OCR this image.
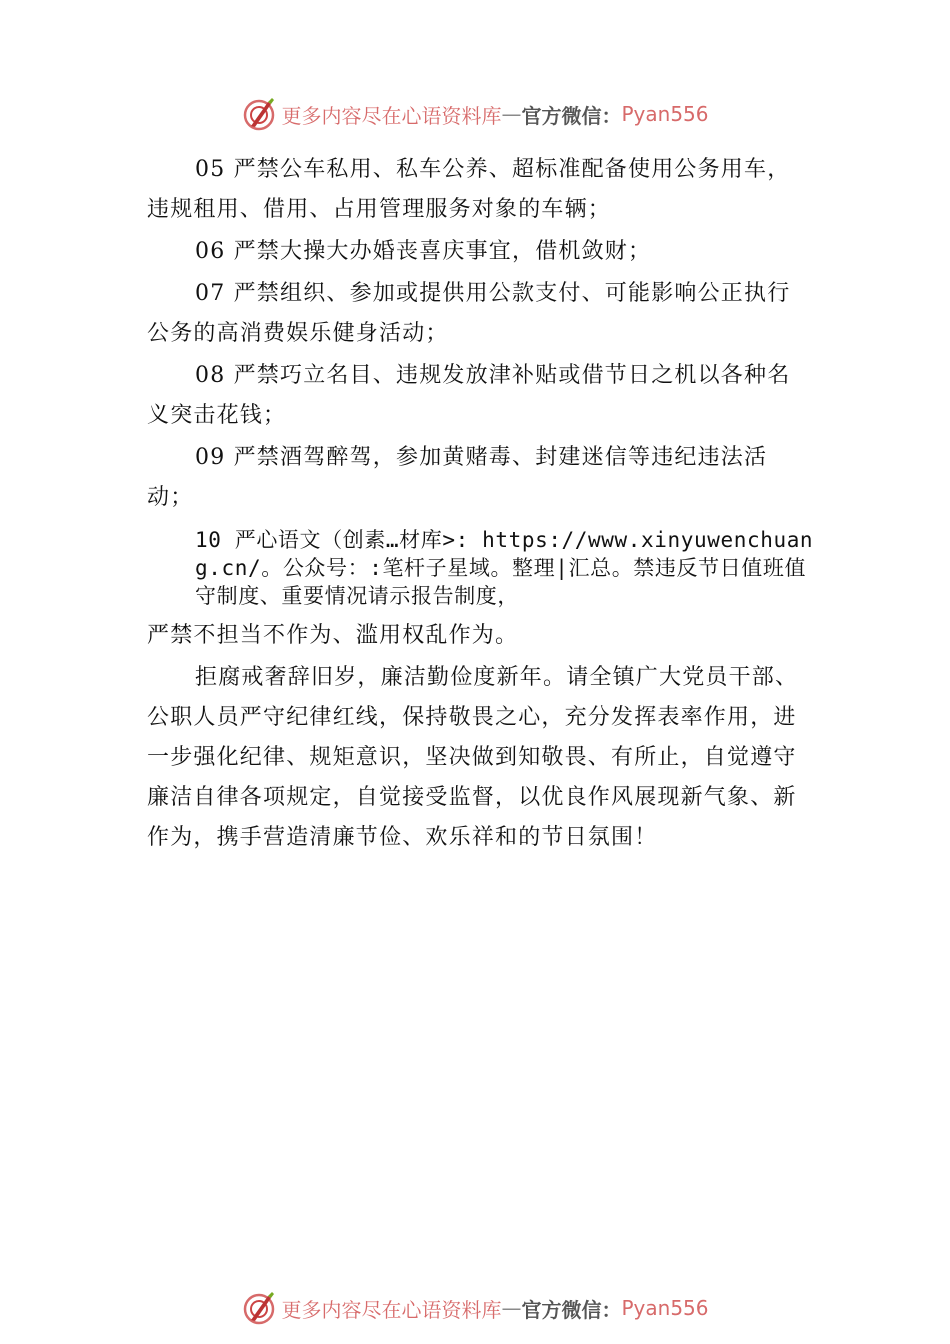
更多内容尽在心语资料库 — 官方微信： Pyan556

05 严禁公车私用、私车公养、超标准配备使用公务用车，违规租用、借用、占用管理服务对象的车辆；

06 严禁大操大办婚丧喜庆事宜，借机敛财；

07 严禁组织、参加或提供用公款支付、可能影响公正执行公务的高消费娱乐健身活动；

08 严禁巧立名目、违规发放津补贴或借节日之机以各种名义突击花钱；

09 严禁酒驾醉驾，参加黄赌毒、封建迷信等违纪违法活动；

10 严心语文（创素…材库>: https://www.xinyuwenchuang.cn/。公众号：:笔杆子星域。整理|汇总。禁违反节日值班值守制度、重要情况请示报告制度，

严禁不担当不作为、滥用权乱作为。

拒腐戒奢辞旧岁，廉洁勤俭度新年。请全镇广大党员干部、公职人员严守纪律红线，保持敬畏之心，充分发挥表率作用，进一步强化纪律、规矩意识，坚决做到知敬畏、有所止，自觉遵守廉洁自律各项规定，自觉接受监督，以优良作风展现新气象、新作为，携手营造清廉节俭、欢乐祥和的节日氛围！

更多内容尽在心语资料库 — 官方微信： Pyan556
